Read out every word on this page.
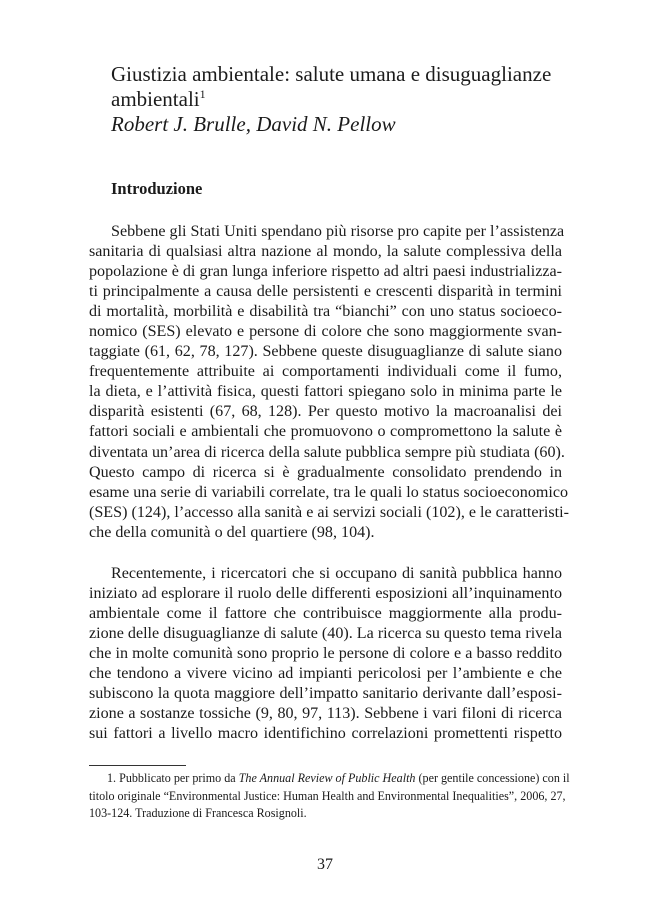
Giustizia ambientale: salute umana e disuguaglianze
ambientali$^1$
Robert J. Brulle, David N. Pellow
Introduzione
Sebbene gli Stati Uniti spendano più risorse pro capite per l’assistenza
sanitaria di qualsiasi altra nazione al mondo, la salute complessiva della
popolazione è di gran lunga inferiore rispetto ad altri paesi industrializza-
ti principalmente a causa delle persistenti e crescenti disparità in termini
di mortalità, morbilità e disabilità tra “bianchi” con uno status socioeco-
nomico (SES) elevato e persone di colore che sono maggiormente svan-
taggiate (61, 62, 78, 127). Sebbene queste disuguaglianze di salute siano
frequentemente attribuite ai comportamenti individuali come il fumo,
la dieta, e l’attività fisica, questi fattori spiegano solo in minima parte le
disparità esistenti (67, 68, 128). Per questo motivo la macroanalisi dei
fattori sociali e ambientali che promuovono o compromettono la salute è
diventata un’area di ricerca della salute pubblica sempre più studiata (60).
Questo campo di ricerca si è gradualmente consolidato prendendo in
esame una serie di variabili correlate, tra le quali lo status socioeconomico
(SES) (124), l’accesso alla sanità e ai servizi sociali (102), e le caratteristi-
che della comunità o del quartiere (98, 104).
Recentemente, i ricercatori che si occupano di sanità pubblica hanno
iniziato ad esplorare il ruolo delle differenti esposizioni all’inquinamento
ambientale come il fattore che contribuisce maggiormente alla produ-
zione delle disuguaglianze di salute (40). La ricerca su questo tema rivela
che in molte comunità sono proprio le persone di colore e a basso reddito
che tendono a vivere vicino ad impianti pericolosi per l’ambiente e che
subiscono la quota maggiore dell’impatto sanitario derivante dall’esposi-
zione a sostanze tossiche (9, 80, 97, 113). Sebbene i vari filoni di ricerca
sui fattori a livello macro identifichino correlazioni promettenti rispetto
1. Pubblicato per primo da The Annual Review of Public Health (per gentile concessione) con il
titolo originale “Environmental Justice: Human Health and Environmental Inequalities”, 2006, 27,
103-124. Traduzione di Francesca Rosignoli.
37
